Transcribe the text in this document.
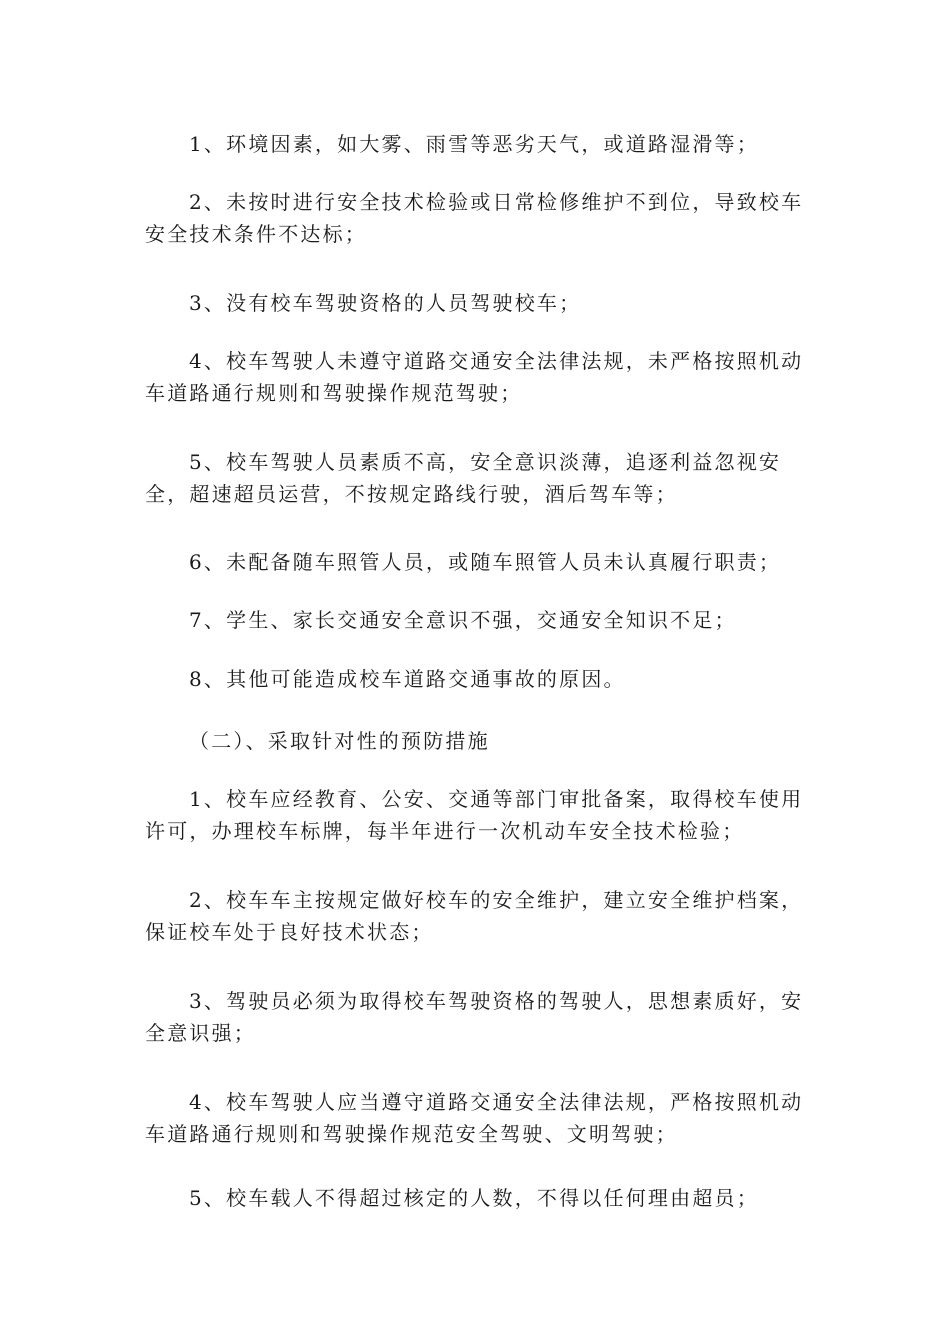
1、环境因素，如大雾、雨雪等恶劣天气，或道路湿滑等；

2、未按时进行安全技术检验或日常检修维护不到位，导致校车安全技术条件不达标；

3、没有校车驾驶资格的人员驾驶校车；

4、校车驾驶人未遵守道路交通安全法律法规，未严格按照机动车道路通行规则和驾驶操作规范驾驶；

5、校车驾驶人员素质不高，安全意识淡薄，追逐利益忽视安全，超速超员运营，不按规定路线行驶，酒后驾车等；

6、未配备随车照管人员，或随车照管人员未认真履行职责；

7、学生、家长交通安全意识不强，交通安全知识不足；

8、其他可能造成校车道路交通事故的原因。

（二）、采取针对性的预防措施

1、校车应经教育、公安、交通等部门审批备案，取得校车使用许可，办理校车标牌，每半年进行一次机动车安全技术检验；

2、校车车主按规定做好校车的安全维护，建立安全维护档案，保证校车处于良好技术状态；

3、驾驶员必须为取得校车驾驶资格的驾驶人，思想素质好，安全意识强；

4、校车驾驶人应当遵守道路交通安全法律法规，严格按照机动车道路通行规则和驾驶操作规范安全驾驶、文明驾驶；

5、校车载人不得超过核定的人数，不得以任何理由超员；
